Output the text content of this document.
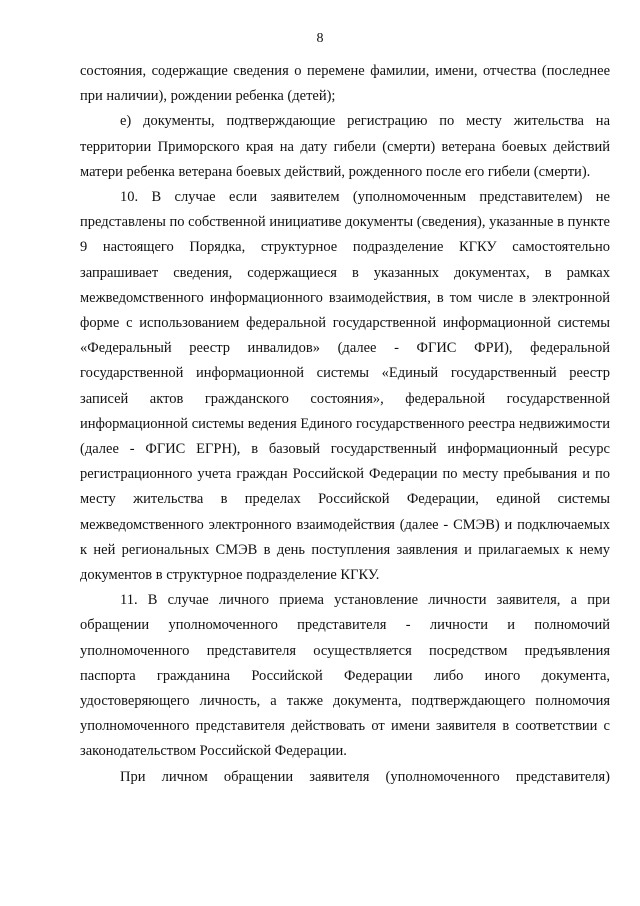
8

состояния, содержащие сведения о перемене фамилии, имени, отчества (последнее при наличии), рождении ребенка (детей);

е) документы, подтверждающие регистрацию по месту жительства на территории Приморского края на дату гибели (смерти) ветерана боевых действий матери ребенка ветерана боевых действий, рожденного после его гибели (смерти).

10. В случае если заявителем (уполномоченным представителем) не представлены по собственной инициативе документы (сведения), указанные в пункте 9 настоящего Порядка, структурное подразделение КГКУ самостоятельно запрашивает сведения, содержащиеся в указанных документах, в рамках межведомственного информационного взаимодействия, в том числе в электронной форме с использованием федеральной государственной информационной системы «Федеральный реестр инвалидов» (далее - ФГИС ФРИ), федеральной государственной информационной системы «Единый государственный реестр записей актов гражданского состояния», федеральной государственной информационной системы ведения Единого государственного реестра недвижимости (далее - ФГИС ЕГРН), в базовый государственный информационный ресурс регистрационного учета граждан Российской Федерации по месту пребывания и по месту жительства в пределах Российской Федерации, единой системы межведомственного электронного взаимодействия (далее - СМЭВ) и подключаемых к ней региональных СМЭВ в день поступления заявления и прилагаемых к нему документов в структурное подразделение КГКУ.

11. В случае личного приема установление личности заявителя, а при обращении уполномоченного представителя - личности и полномочий уполномоченного представителя осуществляется посредством предъявления паспорта гражданина Российской Федерации либо иного документа, удостоверяющего личность, а также документа, подтверждающего полномочия уполномоченного представителя действовать от имени заявителя в соответствии с законодательством Российской Федерации.

При личном обращении заявителя (уполномоченного представителя)
